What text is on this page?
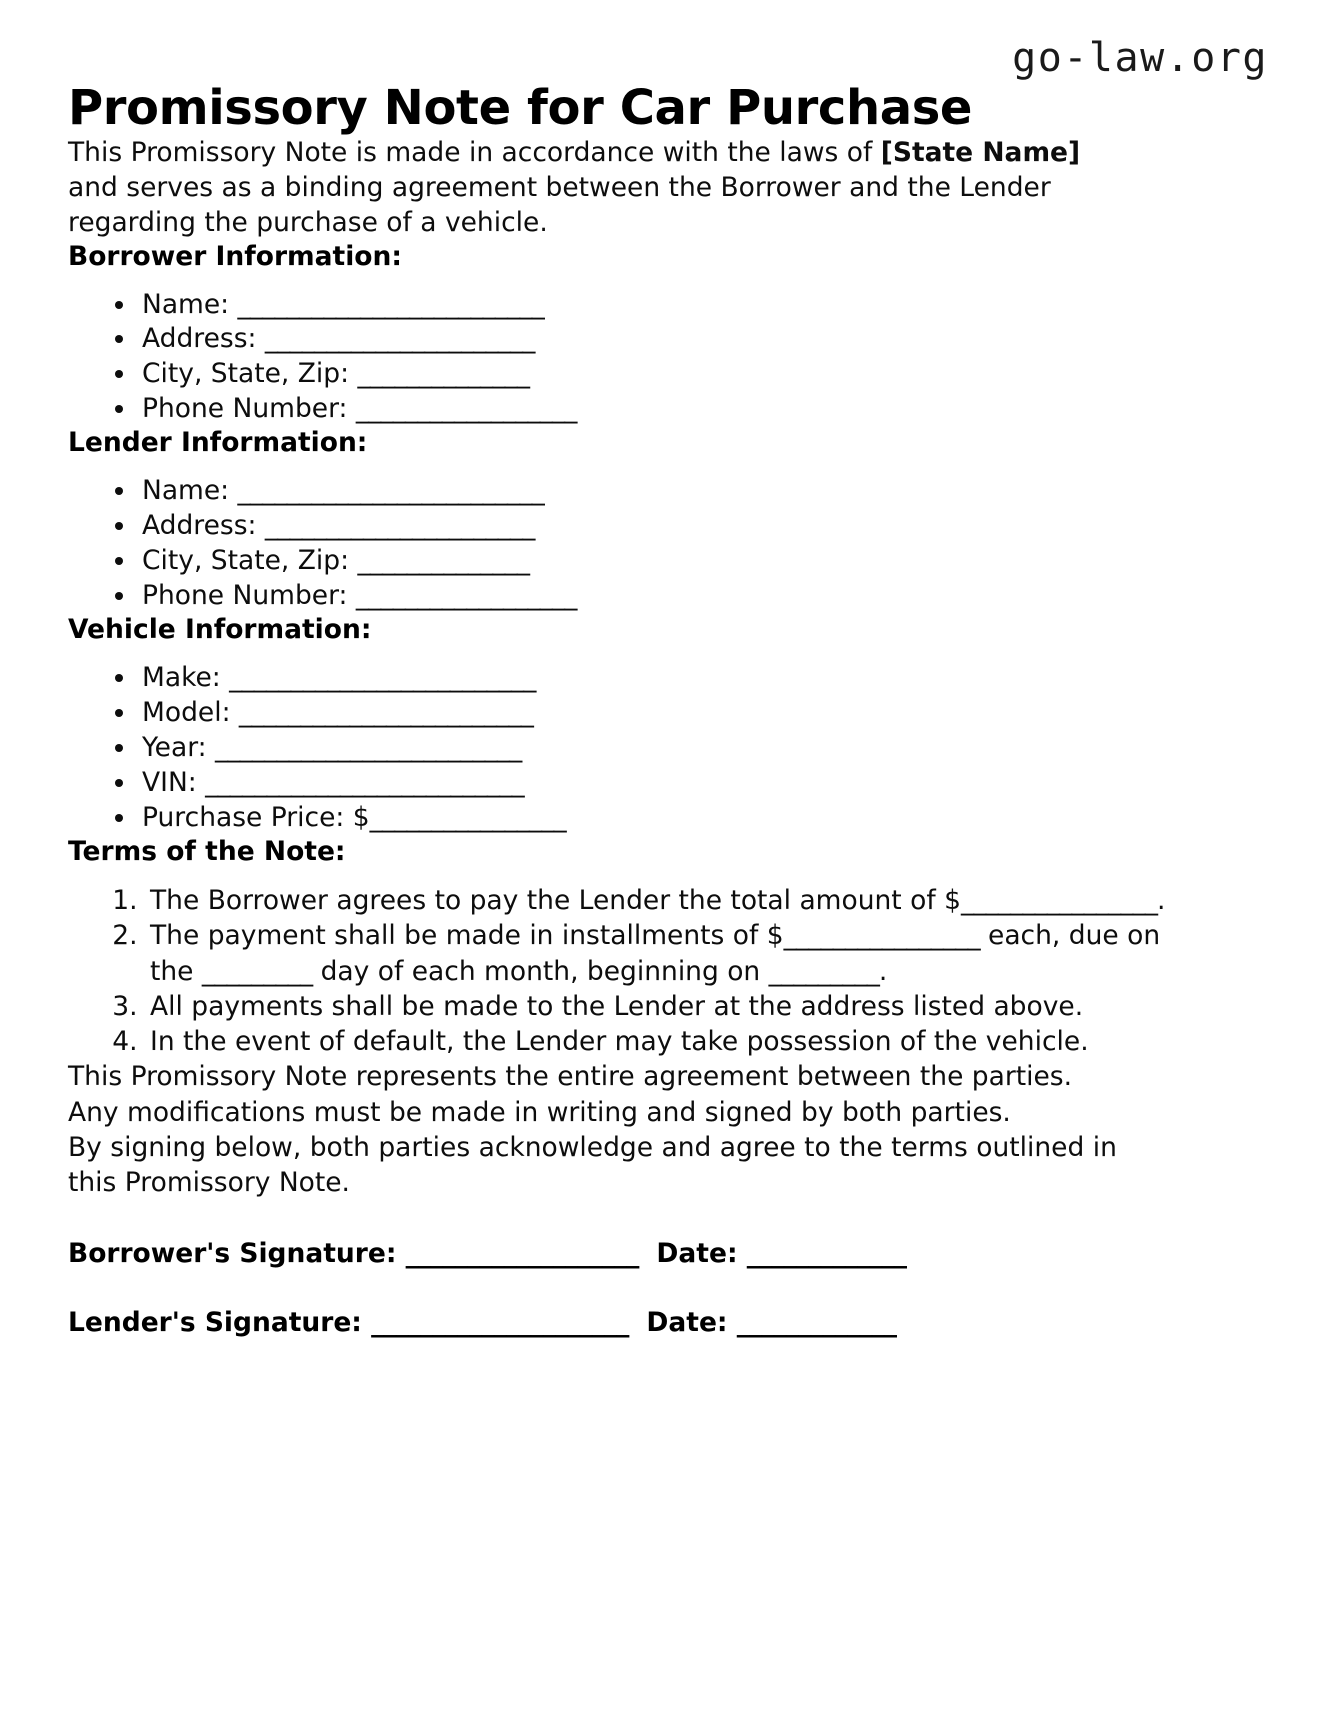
go-law.org
Promissory Note for Car Purchase

This Promissory Note is made in accordance with the laws of [State Name] and serves as a binding agreement between the Borrower and the Lender regarding the purchase of a vehicle.

Borrower Information:
• Name: _________________________
• Address: ______________________
• City, State, Zip: ______________
• Phone Number: __________________
Lender Information:
• Name: _________________________
• Address: ______________________
• City, State, Zip: ______________
• Phone Number: __________________
Vehicle Information:
• Make: _________________________
• Model: ________________________
• Year: _________________________
• VIN: __________________________
• Purchase Price: $________________
Terms of the Note:
1. The Borrower agrees to pay the Lender the total amount of $________________.
2. The payment shall be made in installments of $________________ each, due on the _________ day of each month, beginning on _________.
3. All payments shall be made to the Lender at the address listed above.
4. In the event of default, the Lender may take possession of the vehicle.

This Promissory Note represents the entire agreement between the parties. Any modifications must be made in writing and signed by both parties.

By signing below, both parties acknowledge and agree to the terms outlined in this Promissory Note.

Borrower's Signature: ___________________ Date: _____________
Lender's Signature: _____________________ Date: _____________
